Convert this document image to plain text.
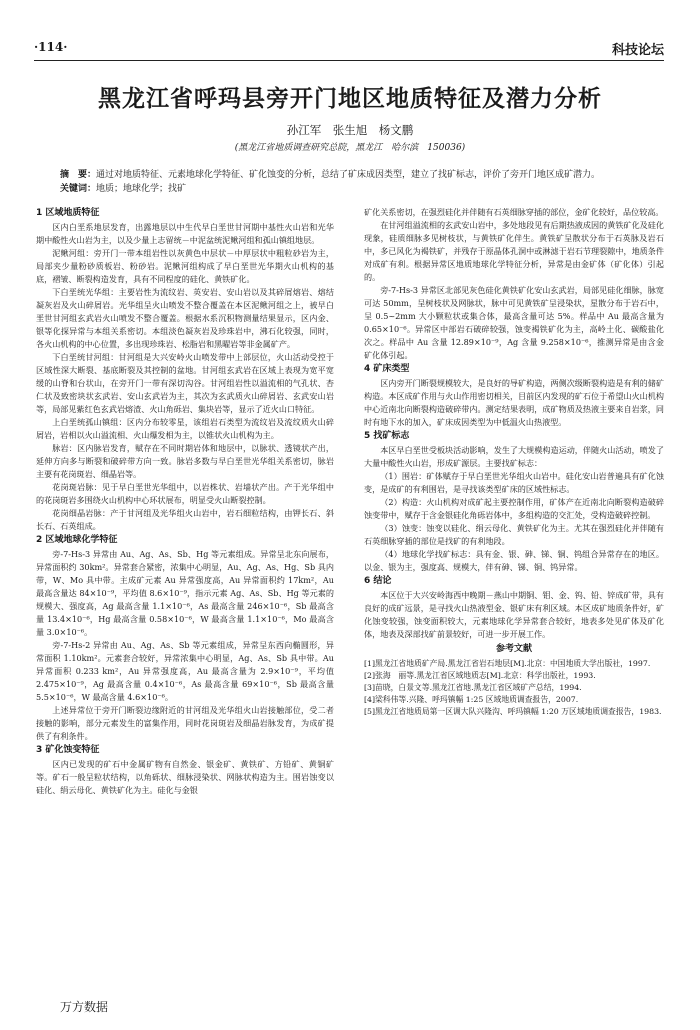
·114·	科技论坛
黑龙江省呼玛县旁开门地区地质特征及潜力分析
孙江军　张生旭　杨文鹏
(黑龙江省地质调查研究总院，黑龙江　哈尔滨　150036)
摘　要：通过对地质特征、元素地球化学特征、矿化蚀变的分析，总结了矿床成因类型，建立了找矿标志，评价了旁开门地区成矿潜力。
关键词：地质；地球化学；找矿
1 区域地质特征

区内白垩系地层发育，出露地层以中生代早白垩世甘河期中基性火山岩和光华期中酸性火山岩为主，以及少量上志留统－中泥盆统泥鳅河组和孤山镇组地层。

泥鳅河组：旁开门一带本组岩性以灰黄色中层状－中厚层状中粗粒砂岩为主，局部夹少量粉砂质板岩、粉砂岩。泥鳅河组构成了早白垩世光华期火山机构的基底，褶皱、断裂构造发育，具有不同程度的硅化、黄铁矿化。

下白垩统光华组：主要岩性为流纹岩、英安岩、安山岩以及其碎屑熔岩、熔结凝灰岩及火山碎屑岩。光华组呈火山喷发不整合覆盖在本区泥鳅河组之上，被早白垩世甘河组玄武岩火山喷发不整合覆盖。根据水系沉积物测量结果显示，区内金、银等化探异常与本组关系密切。本组淡色凝灰岩及珍珠岩中，沸石化较强，同时，各火山机构的中心位置，多出现珍珠岩、松脂岩和黑曜岩等非金属矿产。

下白垩统甘河组：甘河组是大兴安岭火山喷发带中上部层位，火山活动受控于区域性深大断裂、基底断裂及其控制的盆地。甘河组玄武岩在区域上表现为宽平宽缓的山脊和台状山，在旁开门一带有深切沟谷。甘河组岩性以溢流相的气孔状、杏仁状及致密块状玄武岩、安山玄武岩为主，其次为玄武质火山碎屑岩、玄武安山岩等，局部见紫红色玄武岩熔渣、火山角砾岩、集块岩等，显示了近火山口特征。

上白垩统孤山镇组：区内分布较零星，该组岩石类型为流纹岩及流纹质火山碎屑岩，岩相以火山溢流相、火山爆发相为主，以锥状火山机构为主。

脉岩：区内脉岩发育，赋存在不同时期岩体和地层中，以脉状、透镜状产出，延伸方向多与断裂和破碎带方向一致。脉岩多数与早白垩世光华组关系密切，脉岩主要有花岗斑岩、细晶岩等。

花岗斑岩脉：见于早白垩世光华组中，以岩株状、岩墙状产出。产于光华组中的花岗斑岩多围绕火山机构中心环状展布，明显受火山断裂控制。

花岗细晶岩脉：产于甘河组及光华组火山岩中，岩石细粒结构，由钾长石、斜长石、石英组成。

2 区域地球化学特征

旁-7-Hs-3 异常由 Au、Ag、As、Sb、Hg 等元素组成。异常呈北东向展布，异常面积约 30km²。异常套合紧密，浓集中心明显，Au、Ag、As、Hg、Sb 具内带，W、Mo 具中带。主成矿元素 Au 异常强度高，Au 异常面积约 17km²，Au 最高含量达 84×10⁻⁹，平均值 8.6×10⁻⁹，指示元素 Ag、As、Sb、Hg 等元素的规模大、强度高，Ag 最高含量 1.1×10⁻⁶，As 最高含量 246×10⁻⁶，Sb 最高含量 13.4×10⁻⁶，Hg 最高含量 0.58×10⁻⁶，W 最高含量 1.1×10⁻⁶，Mo 最高含量 3.0×10⁻⁶。

旁-7-Hs-2 异常由 Au、Ag、As、Sb 等元素组成，异常呈东西向椭圆形，异常面积 1.10km²。元素套合较好，异常浓集中心明显，Ag、As、Sb 具中带。Au 异常面积 0.233 km²，Au 异常强度高，Au 最高含量为 2.9×10⁻⁹，平均值 2.475×10⁻⁹，Ag 最高含量 0.4×10⁻⁶，As 最高含量 69×10⁻⁶，Sb 最高含量 5.5×10⁻⁶，W 最高含量 4.6×10⁻⁶。

上述异常位于旁开门断裂边缘附近的甘河组及光华组火山岩接触部位，受二者接触的影响，部分元素发生的富集作用，同时花岗斑岩及细晶岩脉发育，为成矿提供了有利条件。

3 矿化蚀变特征

区内已发现的矿石中金属矿物有自然金、银金矿、黄铁矿、方铅矿、黄铜矿等。矿石一般呈粒状结构，以角砾状、细脉浸染状、网脉状构造为主。围岩蚀变以硅化、绢云母化、黄铁矿化为主。硅化与金银

矿化关系密切，在强烈硅化并伴随有石英细脉穿插的部位，金矿化较好，品位较高。

在甘河组溢流相的玄武安山岩中，多处地段见有后期热液成因的黄铁矿化及硅化现象，硅质细脉多见树枝状，与黄铁矿化伴生。黄铁矿呈散状分布于石英脉及岩石中，多已风化为褐铁矿，并残存于原晶体孔洞中或淋滤于岩石节理裂隙中，地质条件对成矿有利。根据异常区地质地球化学特征分析，异常是由金矿体（矿化体）引起的。

旁-7-Hs-3 异常区北部见灰色硅化黄铁矿化安山玄武岩，局部见硅化细脉，脉宽可达 50mm，呈树枝状及网脉状，脉中可见黄铁矿呈浸染状，星散分布于岩石中，呈 0.5~2mm 大小颗粒状或集合体，最高含量可达 5%。样品中 Au 最高含量为 0.65×10⁻⁶。异常区中部岩石破碎较强，蚀变褐铁矿化为主，高岭土化、碳酸盐化次之。样品中 Au 含量 12.89×10⁻⁹，Ag 含量 9.258×10⁻⁶，推测异常是由含金矿化体引起。

4 矿床类型

区内旁开门断裂规模较大，是良好的导矿构造，两侧次级断裂构造是有利的储矿构造。本区成矿作用与火山作用密切相关，目前区内发现的矿石位于希望山火山机构中心近南北向断裂构造破碎带内。测定结果表明，成矿物质及热液主要来自岩浆，同时有地下水的加入，矿床成因类型为中低温火山热液型。

5 找矿标志

本区早白垩世受板块活动影响，发生了大规模构造运动，伴随火山活动，喷发了大量中酸性火山岩，形成矿源层。主要找矿标志：

（1）围岩：矿体赋存于早白垩世光华组火山岩中。硅化安山岩普遍具有矿化蚀变，是成矿的有利围岩，是寻找该类型矿床的区域性标志。

（2）构造：火山机构对成矿起主要控制作用，矿体产在近南北向断裂构造破碎蚀变带中，赋存于含金银硅化角砾岩体中，多组构造的交汇处，受构造破碎控制。

（3）蚀变：蚀变以硅化、绢云母化、黄铁矿化为主。尤其在强烈硅化并伴随有石英细脉穿插的部位是找矿的有利地段。

（4）地球化学找矿标志：具有金、银、砷、锑、铜、钨组合异常存在的地区。以金、银为主，强度高、规模大，伴有砷、锑、铜、钨异常。

6 结论

本区位于大兴安岭海西中晚期－燕山中期铜、钼、金、钨、铅、锌成矿带，具有良好的成矿远景，是寻找火山热液型金、银矿床有利区域。本区成矿地质条件好，矿化蚀变较强，蚀变面积较大，元素地球化学异常套合较好，地表多处见矿体及矿化体，地表及深部找矿前景较好，可进一步开展工作。

参考文献

[1]黑龙江省地质矿产局.黑龙江省岩石地层[M].北京：中国地质大学出版社，1997.

[2]张海　丽等.黑龙江省区域地质志[M].北京：科学出版社，1993.

[3]苗晓，白景文等.黑龙江省地.黑龙江省区域矿产总结，1994.

[4]梁科伟等.兴隆、呼玛镇幅 1:25 区域地质调查报告，2007.

[5]黑龙江省地质局第一区调大队兴隆沟、呼玛镇幅 1:20 万区域地质调查报告，1983.

万方数据
